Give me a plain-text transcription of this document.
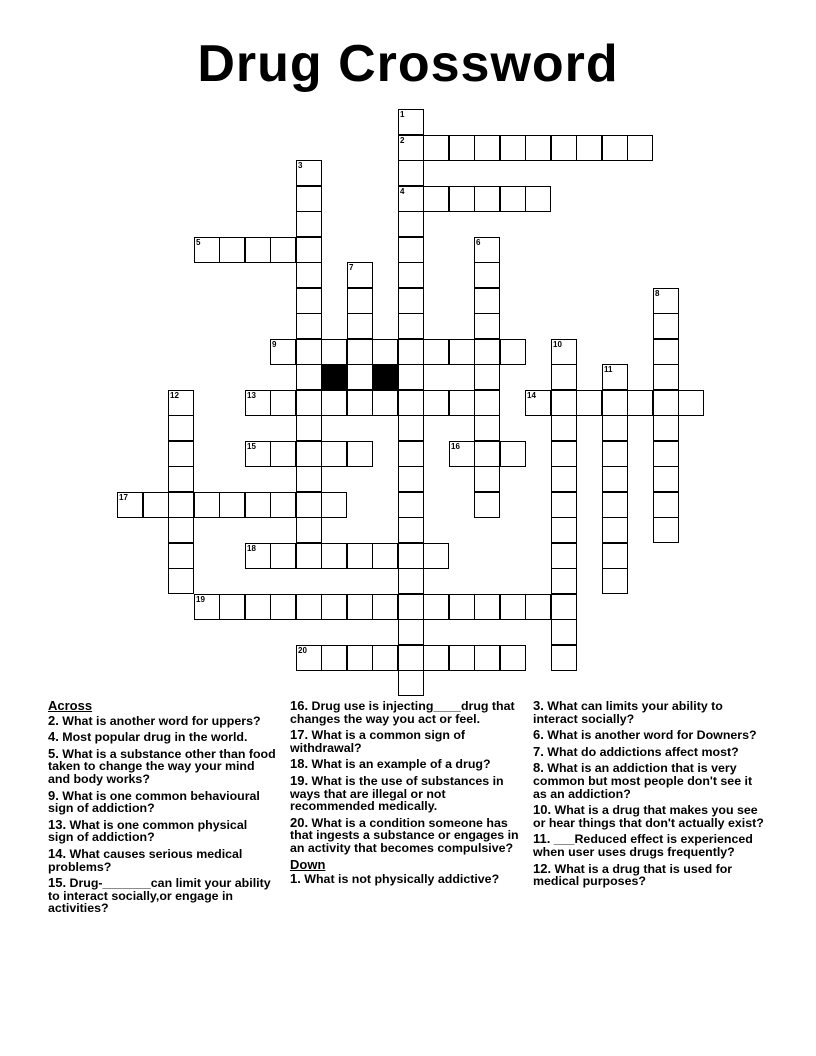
Drug Crossword
1
2
4
3
5	6
7
8
9	10
11
12	13	14
15	16
17
18
19
20
Across
2. What is another word for uppers?
4. Most popular drug in the world.
5. What is a substance other than food taken to change the way your mind and body works?
9. What is one common behavioural sign of addiction?
13. What is one common physical sign of addiction?
14. What causes serious medical problems?
15. Drug-_______can limit your ability to interact socially,or engage in activities?
16. Drug use is injecting____drug that changes the way you act or feel.
17. What is a common sign of withdrawal?
18. What is an example of a drug?
19. What is the use of substances in ways that are illegal or not recommended medically.
20. What is a condition someone has that ingests a substance or engages in an activity that becomes compulsive?
Down
1. What is not physically addictive?
3. What can limits your ability to interact socially?
6. What is another word for Downers?
7. What do addictions affect most?
8. What is an addiction that is very common but most people don't see it as an addiction?
10. What is a drug that makes you see or hear things that don't actually exist?
11. ___Reduced effect is experienced when user uses drugs frequently?
12. What is a drug that is used for medical purposes?
